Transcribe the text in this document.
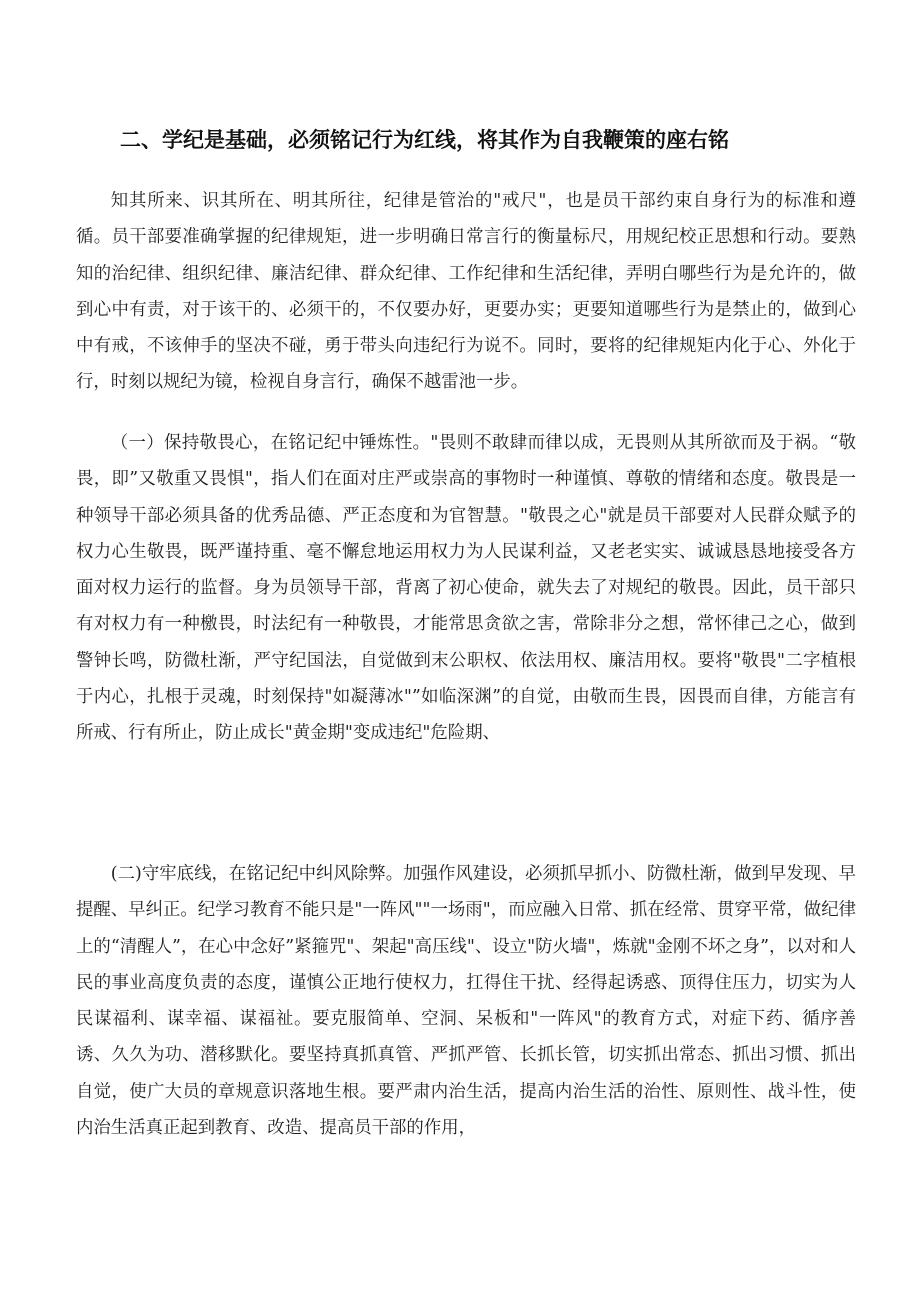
二、学纪是基础，必须铭记行为红线，将其作为自我鞭策的座右铭

知其所来、识其所在、明其所往，纪律是管治的"戒尺"，也是员干部约束自身行为的标准和遵循。员干部要准确掌握的纪律规矩，进一步明确日常言行的衡量标尺，用规纪校正思想和行动。要熟知的治纪律、组织纪律、廉洁纪律、群众纪律、工作纪律和生活纪律，弄明白哪些行为是允许的，做到心中有责，对于该干的、必须干的，不仅要办好，更要办实；更要知道哪些行为是禁止的，做到心中有戒，不该伸手的坚决不碰，勇于带头向违纪行为说不。同时，要将的纪律规矩内化于心、外化于行，时刻以规纪为镜，检视自身言行，确保不越雷池一步。

（一）保持敬畏心，在铭记纪中锤炼性。"畏则不敢肆而律以成，无畏则从其所欲而及于祸。“敬畏，即”又敬重又畏惧"，指人们在面对庄严或崇高的事物时一种谨慎、尊敬的情绪和态度。敬畏是一种领导干部必须具备的优秀品德、严正态度和为官智慧。"敬畏之心"就是员干部要对人民群众赋予的权力心生敬畏，既严谨持重、毫不懈怠地运用权力为人民谋利益，又老老实实、诚诚恳恳地接受各方面对权力运行的监督。身为员领导干部，背离了初心使命，就失去了对规纪的敬畏。因此，员干部只有对权力有一种檄畏，时法纪有一种敬畏，才能常思贪欲之害，常除非分之想，常怀律己之心，做到警钟长鸣，防微杜渐，严守纪国法，自觉做到末公职权、依法用权、廉洁用权。要将"敬畏"二字植根于内心，扎根于灵魂，时刻保持"如凝薄冰"”如临深渊”的自觉，由敬而生畏，因畏而自律，方能言有所戒、行有所止，防止成长"黄金期"变成违纪"危险期、

(二)守牢底线，在铭记纪中纠风除弊。加强作风建设，必须抓早抓小、防微杜渐，做到早发现、早提醒、早纠正。纪学习教育不能只是"一阵风""一场雨"，而应融入日常、抓在经常、贯穿平常，做纪律上的“清醒人”，在心中念好”紧箍咒"、架起"高压线"、设立"防火墙"，炼就"金刚不坏之身”，以对和人民的事业高度负责的态度，谨慎公正地行使权力，扛得住干扰、经得起诱惑、顶得住压力，切实为人民谋福利、谋幸福、谋福祉。要克服简单、空洞、呆板和"一阵风"的教育方式，对症下药、循序善诱、久久为功、潜移默化。要坚持真抓真管、严抓严管、长抓长管，切实抓出常态、抓出习惯、抓出自觉，使广大员的章规意识落地生根。要严肃内治生活，提高内治生活的治性、原则性、战斗性，使内治生活真正起到教育、改造、提高员干部的作用，
